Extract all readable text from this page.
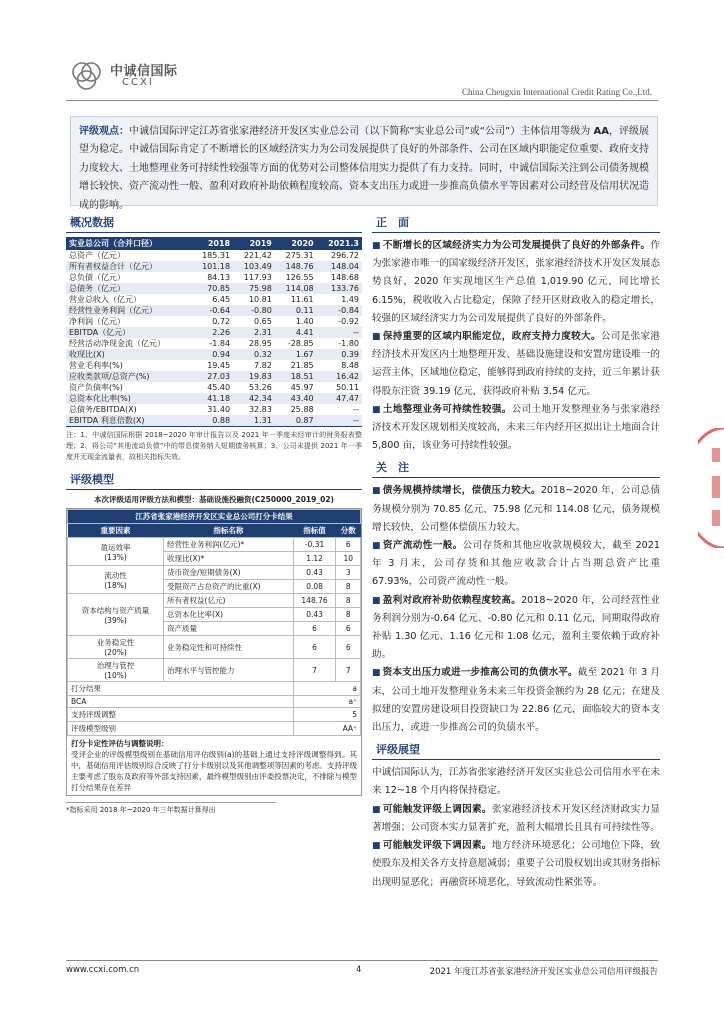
中诚信国际
CCXI
China Chengxin International Credit Rating Co.,Ltd.
评级观点：中诚信国际评定江苏省张家港经济开发区实业总公司（以下简称“实业总公司”或“公司”）主体信用等级为 AA，评级展望为稳定。中诚信国际肯定了不断增长的区域经济实力为公司发展提供了良好的外部条件、公司在区域内职能定位重要、政府支持力度较大、土地整理业务可持续性较强等方面的优势对公司整体信用实力提供了有力支持。同时，中诚信国际关注到公司债务规模增长较快、资产流动性一般、盈利对政府补助依赖程度较高、资本支出压力或进一步推高负债水平等因素对公司经营及信用状况造成的影响。
概况数据
实业总公司（合并口径）	2018	2019	2020	2021.3
总资产（亿元）	185.31	221.42	275.31	296.72
所有者权益合计（亿元）	101.18	103.49	148.76	148.04
总负债（亿元）	84.13	117.93	126.55	148.68
总债务（亿元）	70.85	75.98	114.08	133.76
营业总收入（亿元）	6.45	10.81	11.61	1.49
经营性业务利润（亿元）	-0.64	-0.80	0.11	-0.84
净利润（亿元）	0.72	0.65	1.40	-0.92
EBITDA（亿元）	2.26	2.31	4.41	--
经营活动净现金流（亿元）	-1.84	28.95	-28.85	-1.80
收现比(X)	0.94	0.32	1.67	0.39
营业毛利率(%)	19.45	7.82	21.85	8.48
应收类款项/总资产(%)	27.03	19.83	18.51	16.42
资产负债率(%)	45.40	53.26	45.97	50.11
总资本化比率(%)	41.18	42.34	43.40	47.47
总债务/EBITDA(X)	31.40	32.83	25.88	--
EBITDA 利息倍数(X)	0.88	1.31	0.87	--
注：1、中诚信国际根据 2018~2020 年审计报告以及 2021 年一季度未经审计的财务报表整理；2、将公司“其他流动负债”中的带息债务纳入短期债务核算；3、公司未提供 2021 年一季度并无现金流量表，故相关指标失效。
评级模型
本次评级适用评级方法和模型：基础设施投融资(C250000_2019_02)
江苏省张家港经济开发区实业总公司打分卡结果			
重要因素	指标名称	指标值	分数

盈运效率
(13%)	经营性业务利润(亿元)*	-0.31	6
	收现比(X)*	1.12	10

流动性
(18%)	货币资金/短期债务(X)	0.43	3
	受限资产占总资产的比重(X)	0.08	8

资本结构与资产质量
(39%)	所有者权益(亿元)	148.76	8
	总资本化比率(X)	0.43	8
	资产质量	6	6

业务稳定性
(20%)	业务稳定性和可持续性	6	6

治理与管控
(10%)	治理水平与管控能力	7	7
打分结果		a	
BCA		a⁺	
支持评级调整		5	
评级模型级别		AA⁺	
打分卡定性评估与调整说明：
受评企业的评级模型级别在基础信用评估级别(a)的基础上通过支持评级调整得到。其中，基础信用评估级别综合反映了打分卡级别以及其他调整项等因素的考虑。支持评级主要考虑了股东及政府等外部支持因素，最终模型级别由评委投票决定，不排除与模型打分结果存在差异
*指标采用 2018 年~2020 年三年数据计算得出
正　面
■ 不断增长的区域经济实力为公司发展提供了良好的外部条件。作为张家港市唯一的国家级经济开发区，张家港经济技术开发区发展态势良好，2020 年实现地区生产总值 1,019.90 亿元，同比增长 6.15%，税收收入占比稳定，保障了经开区财政收入的稳定增长，较强的区域经济实力为公司发展提供了良好的外部条件。
■ 保持重要的区域内职能定位，政府支持力度较大。公司是张家港经济技术开发区内土地整理开发、基础设施建设和安置房建设唯一的运营主体，区域地位稳定，能够得到政府持续的支持，近三年累计获得股东注资 39.19 亿元，获得政府补贴 3.54 亿元。
■ 土地整理业务可持续性较强。公司土地开发整理业务与张家港经济技术开发区规划相关度较高，未来三年内经开区拟出让土地面合计 5,800 亩，该业务可持续性较强。
关　注
■ 债务规模持续增长，偿债压力较大。2018~2020 年，公司总债务规模分别为 70.85 亿元、75.98 亿元和 114.08 亿元，债务规模增长较快，公司整体偿债压力较大。
■ 资产流动性一般。公司存货和其他应收款规模较大，截至 2021 年 3 月末，公司存货和其他应收款合计占当期总资产比重 67.93%，公司资产流动性一般。
■ 盈利对政府补助依赖程度较高。2018~2020 年，公司经营性业务利润分别为-0.64 亿元、-0.80 亿元和 0.11 亿元，同期取得政府补贴 1.30 亿元、1.16 亿元和 1.08 亿元，盈利主要依赖于政府补助。
■ 资本支出压力或进一步推高公司的负债水平。截至 2021 年 3 月末，公司土地开发整理业务未来三年投资金额约为 28 亿元；在建及拟建的安置房建设项目投资缺口为 22.86 亿元，面临较大的资本支出压力，或进一步推高公司的负债水平。
评级展望
中诚信国际认为，江苏省张家港经济开发区实业总公司信用水平在未来 12~18 个月内将保持稳定。
■ 可能触发评级上调因素。张家港经济技术开发区经济财政实力显著增强；公司资本实力显著扩充，盈利大幅增长且具有可持续性等。
■ 可能触发评级下调因素。地方经济环境恶化；公司地位下降，致使股东及相关各方支持意愿减弱；重要子公司股权划出或其财务指标出现明显恶化；再融资环境恶化，导致流动性紧张等。
www.ccxi.com.cn	4	2021 年度江苏省张家港经济开发区实业总公司信用评级报告
